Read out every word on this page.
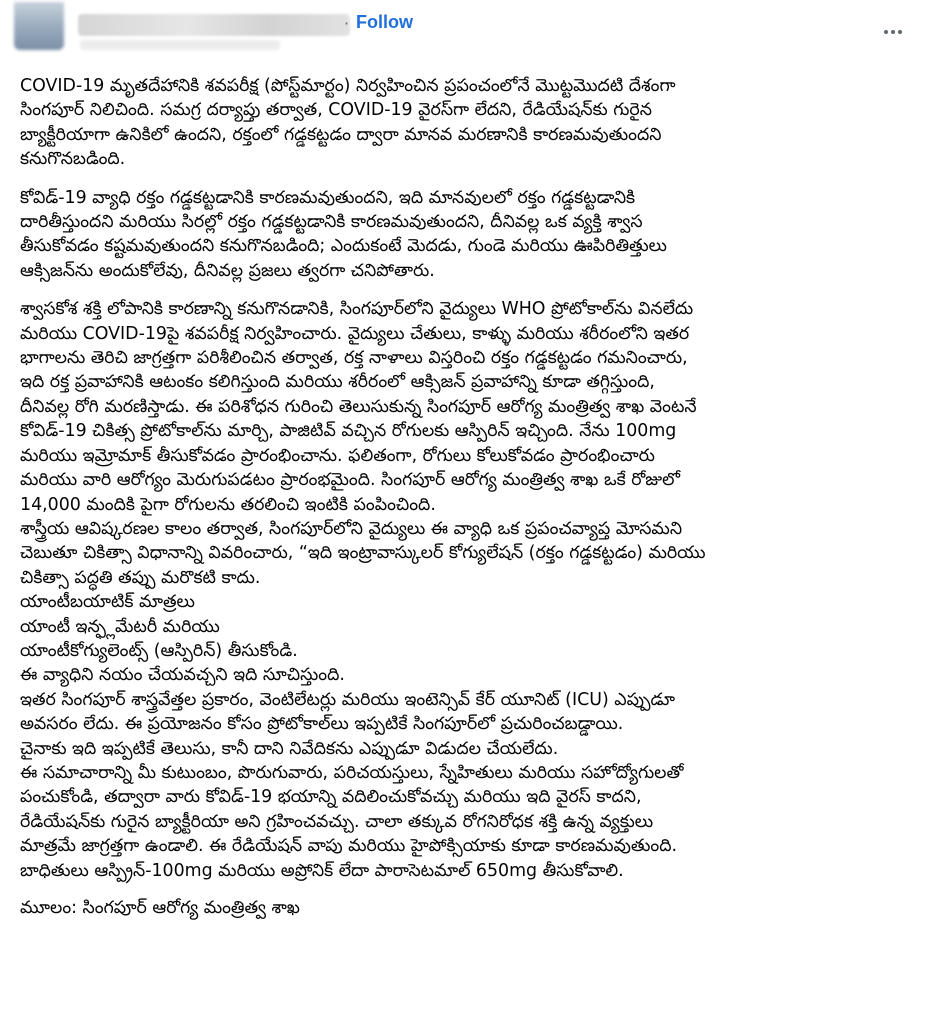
· Follow
COVID-19 మృతదేహానికి శవపరీక్ష (పోస్ట్‌మార్టం) నిర్వహించిన ప్రపంచంలోనే మొట్టమొదటి దేశంగా
సింగపూర్ నిలిచింది. సమగ్ర దర్యాప్తు తర్వాత, COVID-19 వైరస్‌గా లేదని, రేడియేషన్‌కు గురైన
బ్యాక్టీరియాగా ఉనికిలో ఉందని, రక్తంలో గడ్డకట్టడం ద్వారా మానవ మరణానికి కారణమవుతుందని
కనుగొనబడింది.
కోవిడ్-19 వ్యాధి రక్తం గడ్డకట్టడానికి కారణమవుతుందని, ఇది మానవులలో రక్తం గడ్డకట్టడానికి
దారితీస్తుందని మరియు సిరల్లో రక్తం గడ్డకట్టడానికి కారణమవుతుందని, దీనివల్ల ఒక వ్యక్తి శ్వాస
తీసుకోవడం కష్టమవుతుందని కనుగొనబడింది; ఎందుకంటే మెదడు, గుండె మరియు ఊపిరితిత్తులు
ఆక్సిజన్‌ను అందుకోలేవు, దీనివల్ల ప్రజలు త్వరగా చనిపోతారు.
శ్వాసకోశ శక్తి లోపానికి కారణాన్ని కనుగొనడానికి, సింగపూర్‌లోని వైద్యులు WHO ప్రోటోకాల్‌ను వినలేదు
మరియు COVID-19పై శవపరీక్ష నిర్వహించారు. వైద్యులు చేతులు, కాళ్ళు మరియు శరీరంలోని ఇతర
భాగాలను తెరిచి జాగ్రత్తగా పరిశీలించిన తర్వాత, రక్త నాళాలు విస్తరించి రక్తం గడ్డకట్టడం గమనించారు,
ఇది రక్త ప్రవాహానికి ఆటంకం కలిగిస్తుంది మరియు శరీరంలో ఆక్సిజన్ ప్రవాహాన్ని కూడా తగ్గిస్తుంది,
దీనివల్ల రోగి మరణిస్తాడు. ఈ పరిశోధన గురించి తెలుసుకున్న సింగపూర్ ఆరోగ్య మంత్రిత్వ శాఖ వెంటనే
కోవిడ్-19 చికిత్స ప్రోటోకాల్‌ను మార్చి, పాజిటివ్ వచ్చిన రోగులకు ఆస్పిరిన్ ఇచ్చింది. నేను 100mg
మరియు ఇమ్రోమాక్ తీసుకోవడం ప్రారంభించాను. ఫలితంగా, రోగులు కోలుకోవడం ప్రారంభించారు
మరియు వారి ఆరోగ్యం మెరుగుపడటం ప్రారంభమైంది. సింగపూర్ ఆరోగ్య మంత్రిత్వ శాఖ ఒకే రోజులో
14,000 మందికి పైగా రోగులను తరలించి ఇంటికి పంపించింది.
శాస్త్రీయ ఆవిష్కరణల కాలం తర్వాత, సింగపూర్‌లోని వైద్యులు ఈ వ్యాధి ఒక ప్రపంచవ్యాప్త మోసమని
చెబుతూ చికిత్సా విధానాన్ని వివరించారు, “ఇది ఇంట్రావాస్కులర్ కోగ్యులేషన్ (రక్తం గడ్డకట్టడం) మరియు
చికిత్సా పద్ధతి తప్పు మరొకటి కాదు.
యాంటీబయాటిక్ మాత్రలు
యాంటీ ఇన్ఫ్లమేటరీ మరియు
యాంటీకోగ్యులెంట్స్ (ఆస్పిరిన్) తీసుకోండి.
ఈ వ్యాధిని నయం చేయవచ్చని ఇది సూచిస్తుంది.
ఇతర సింగపూర్ శాస్త్రవేత్తల ప్రకారం, వెంటిలేటర్లు మరియు ఇంటెన్సివ్ కేర్ యూనిట్ (ICU) ఎప్పుడూ
అవసరం లేదు. ఈ ప్రయోజనం కోసం ప్రోటోకాల్‌లు ఇప్పటికే సింగపూర్‌లో ప్రచురించబడ్డాయి.
చైనాకు ఇది ఇప్పటికే తెలుసు, కానీ దాని నివేదికను ఎప్పుడూ విడుదల చేయలేదు.
ఈ సమాచారాన్ని మీ కుటుంబం, పొరుగువారు, పరిచయస్తులు, స్నేహితులు మరియు సహోద్యోగులతో
పంచుకోండి, తద్వారా వారు కోవిడ్-19 భయాన్ని వదిలించుకోవచ్చు మరియు ఇది వైరస్ కాదని,
రేడియేషన్‌కు గురైన బ్యాక్టీరియా అని గ్రహించవచ్చు. చాలా తక్కువ రోగనిరోధక శక్తి ఉన్న వ్యక్తులు
మాత్రమే జాగ్రత్తగా ఉండాలి. ఈ రేడియేషన్ వాపు మరియు హైపోక్సియాకు కూడా కారణమవుతుంది.
బాధితులు ఆస్ప్రిన్-100mg మరియు అప్రోనిక్ లేదా పారాసెటమాల్ 650mg తీసుకోవాలి.
మూలం: సింగపూర్ ఆరోగ్య మంత్రిత్వ శాఖ
